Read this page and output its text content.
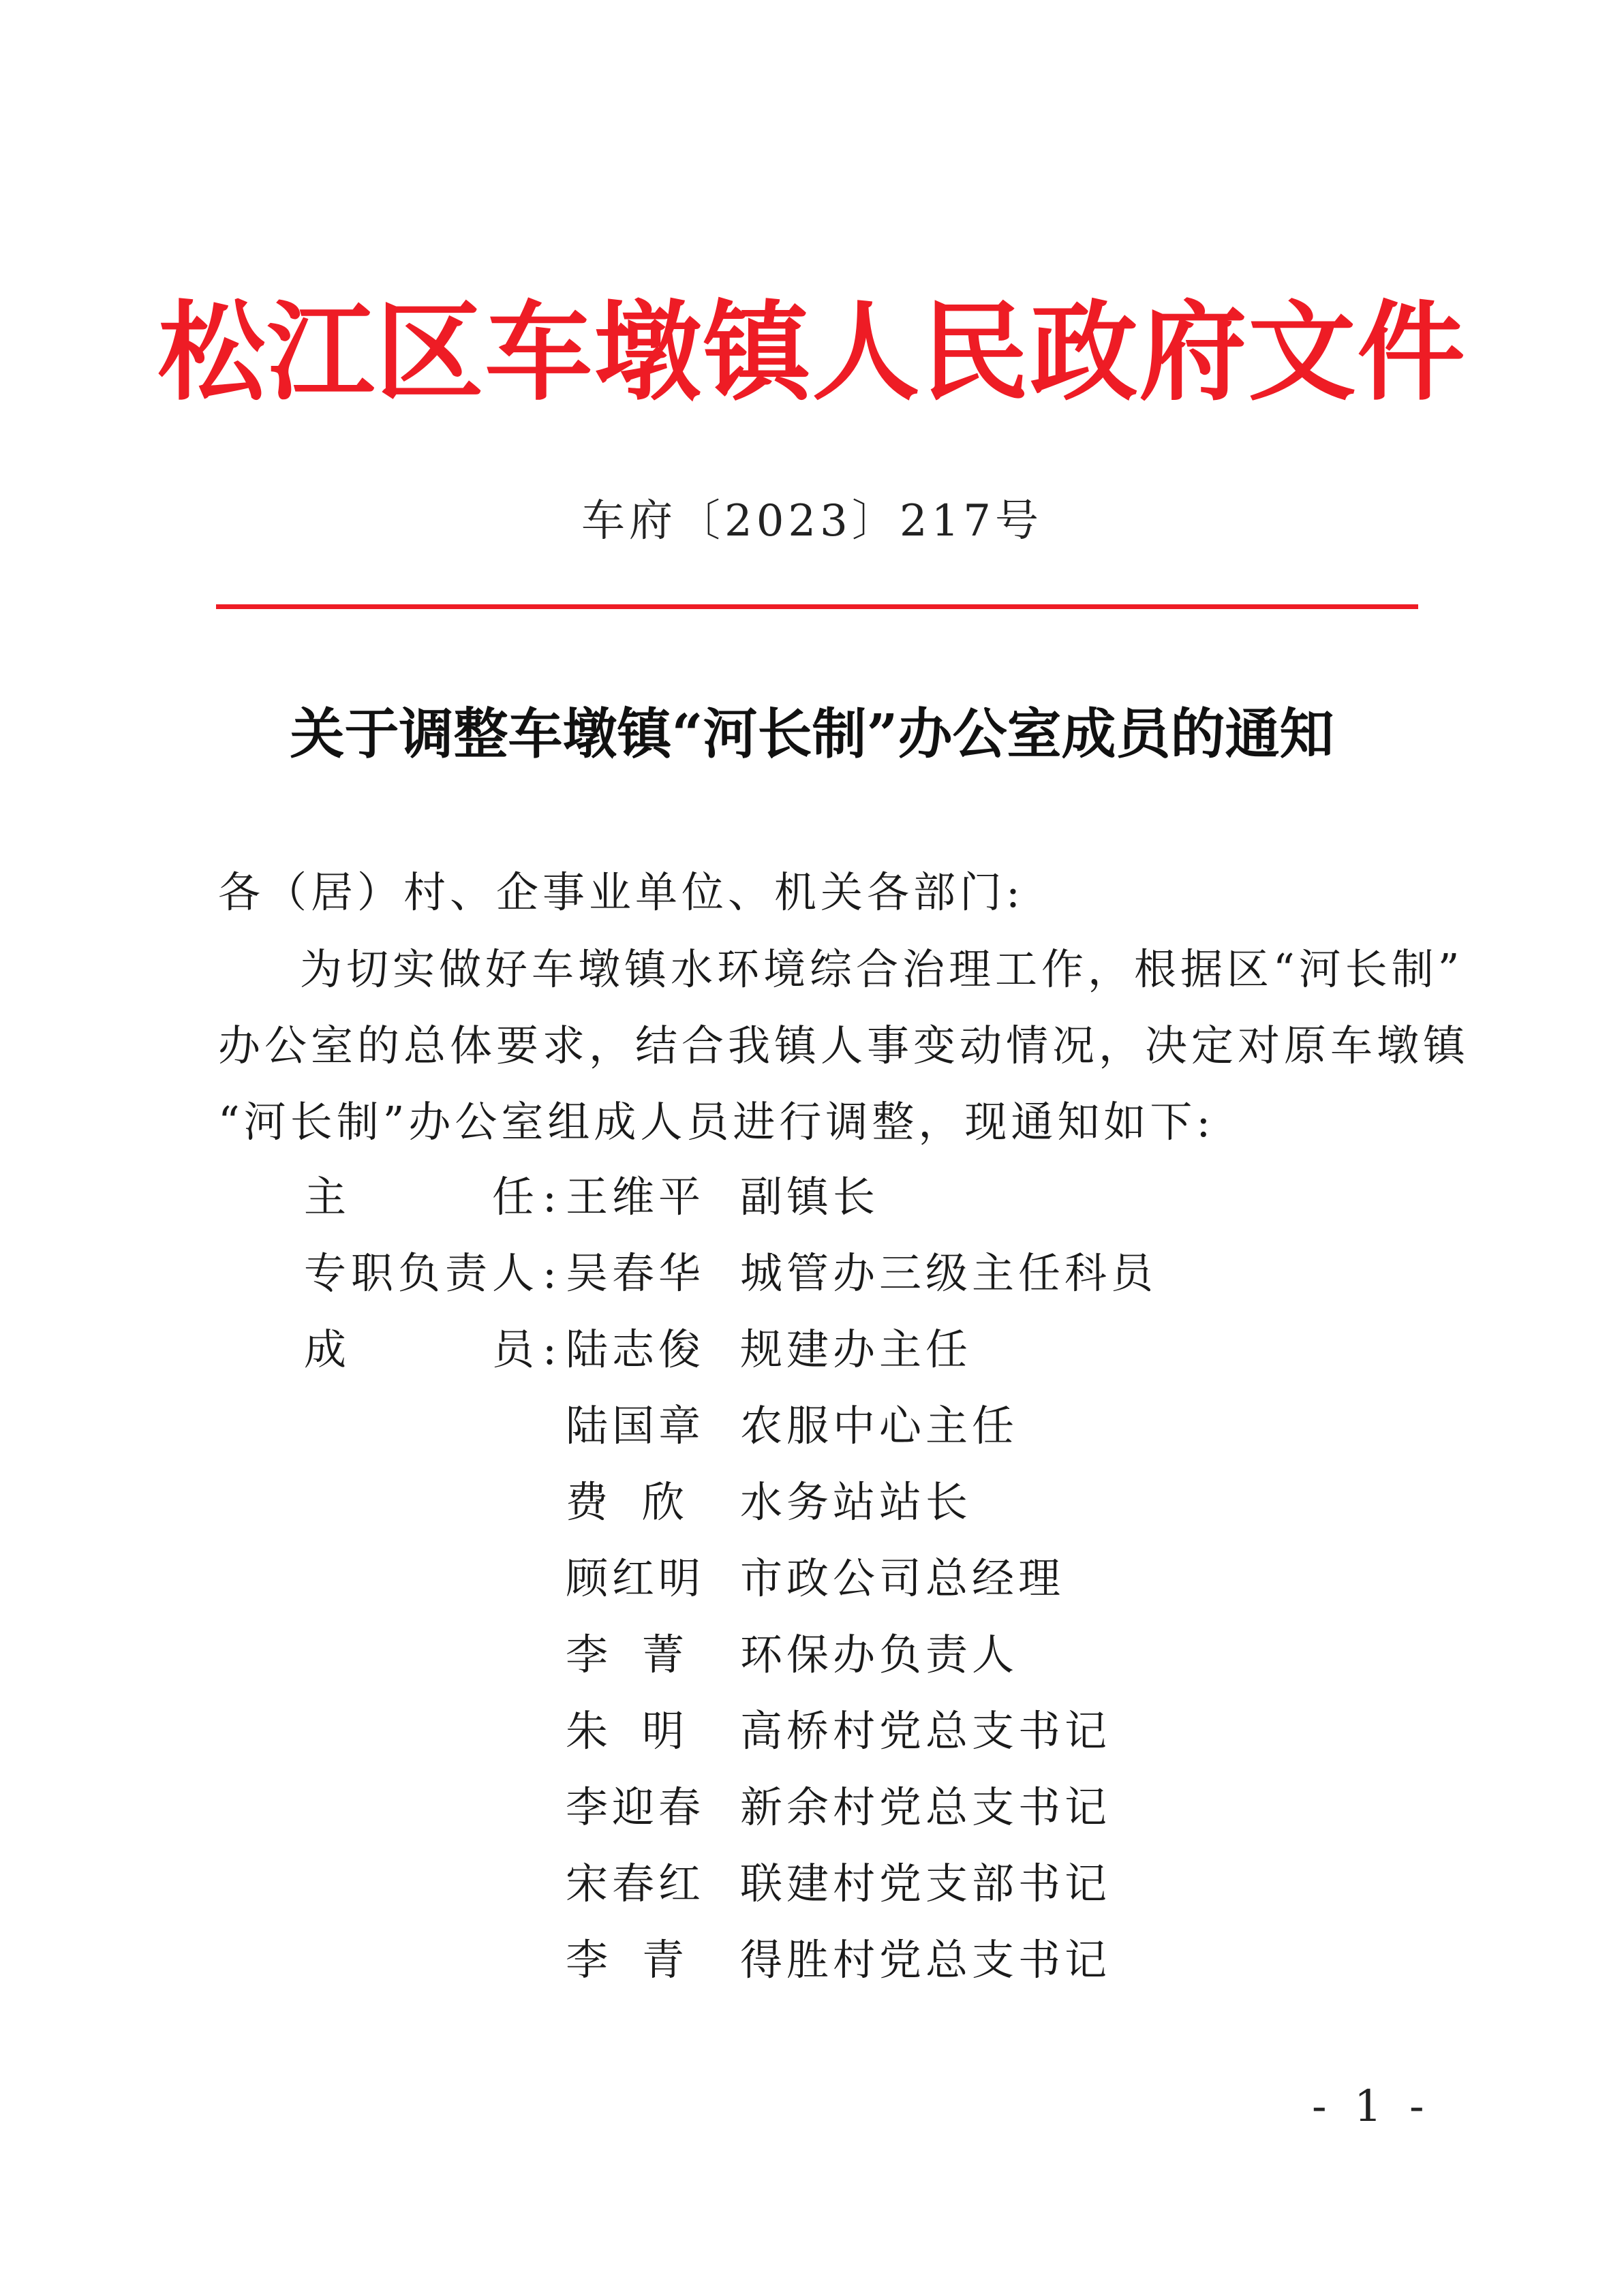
松江区车墩镇人民政府文件
车府〔2023〕217号
关于调整车墩镇“河长制”办公室成员的通知
各（居）村、企事业单位、机关各部门:
为切实做好车墩镇水环境综合治理工作，根据区“河长制”
办公室的总体要求，结合我镇人事变动情况，决定对原车墩镇
“河长制”办公室组成人员进行调整，现通知如下:
主任 : 王维平 副镇长
专职负责人 : 吴春华 城管办三级主任科员
成员 : 陆志俊 规建办主任
陆国章 农服中心主任
费欣 水务站站长
顾红明 市政公司总经理
李菁 环保办负责人
朱明 高桥村党总支书记
李迎春 新余村党总支书记
宋春红 联建村党支部书记
李青 得胜村党总支书记
- 1 -
